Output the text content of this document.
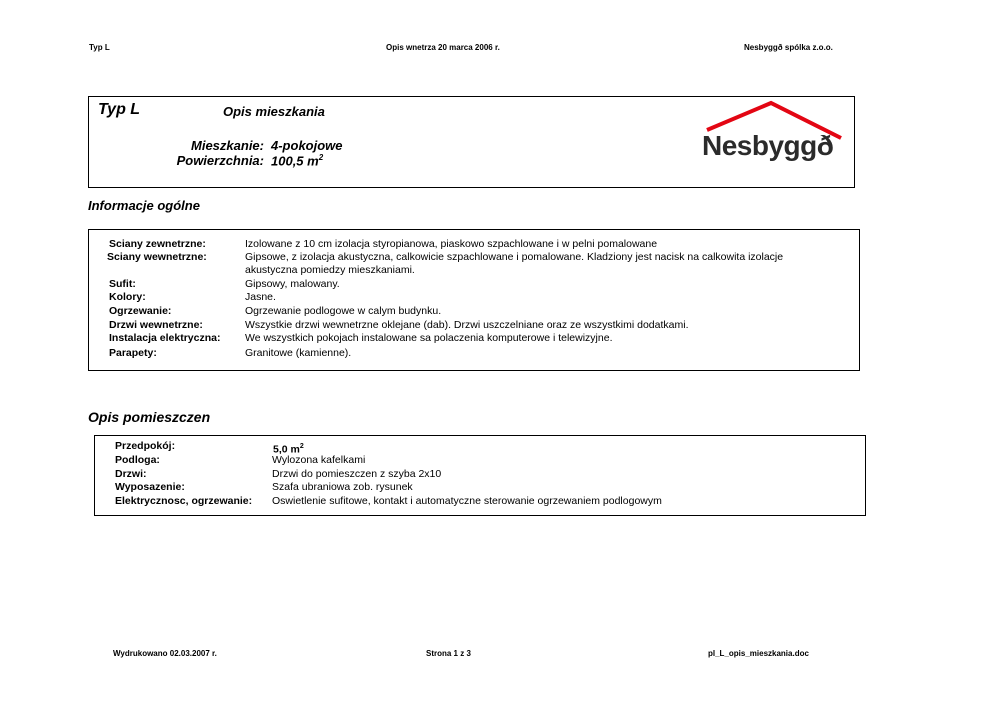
Typ L	Opis wnetrza 20 marca 2006 r.	Nesbyggð spólka z.o.o.
Typ L	Opis mieszkania
Mieszkanie: 4-pokojowe
Powierzchnia: 100,5 $m^2$	Nesbyggð
Informacje ogólne
Sciany zewnetrzne:	Izolowane z 10 cm izolacja styropianowa, piaskowo szpachlowane i w pelni pomalowane
Sciany wewnetrzne:	Gipsowe, z izolacja akustyczna, calkowicie szpachlowane i pomalowane. Kladziony jest nacisk na calkowita izolacje
akustyczna pomiedzy mieszkaniami.
Sufit:	Gipsowy, malowany.
Kolory:	Jasne.
Ogrzewanie:	Ogrzewanie podlogowe w calym budynku.
Drzwi wewnetrzne:	Wszystkie drzwi wewnetrzne oklejane (dab). Drzwi uszczelniane oraz ze wszystkimi dodatkami.
Instalacja elektryczna: We wszystkich pokojach instalowane sa polaczenia komputerowe i telewizyjne.
Parapety:	Granitowe (kamienne).
Opis pomieszczen
Przedpokój:	5,0 $m^2$
Podloga:	Wylozona kafelkami
Drzwi:	Drzwi do pomieszczen z szyba 2x10
Wyposazenie:	Szafa ubraniowa zob. rysunek
Elektrycznosc, ogrzewanie: Oswietlenie sufitowe, kontakt i automatyczne sterowanie ogrzewaniem podlogowym
Wydrukowano 02.03.2007 r.	Strona 1 z 3	pl_L_opis_mieszkania.doc
